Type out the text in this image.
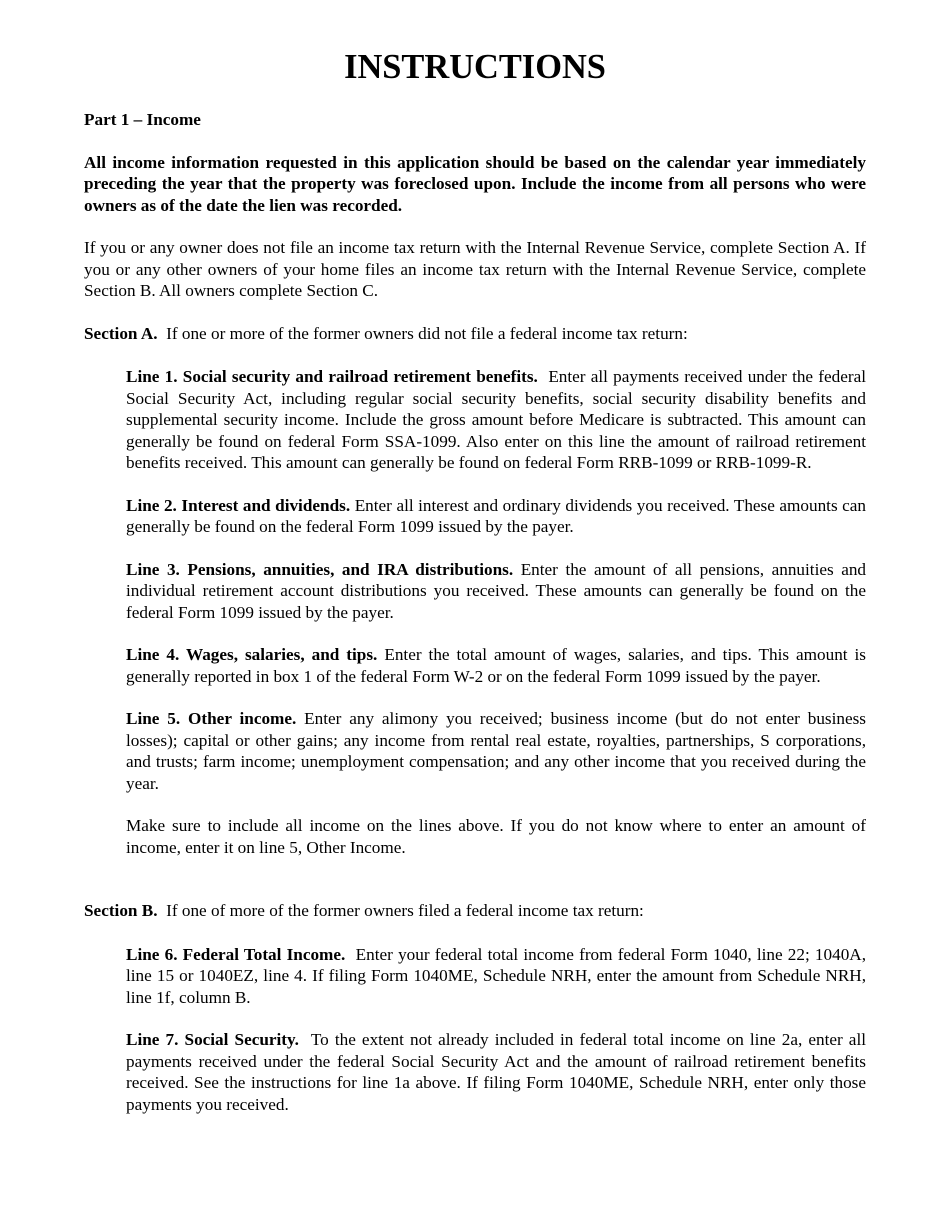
INSTRUCTIONS
Part 1 – Income

All income information requested in this application should be based on the calendar year immediately preceding the year that the property was foreclosed upon. Include the income from all persons who were owners as of the date the lien was recorded.

If you or any owner does not file an income tax return with the Internal Revenue Service, complete Section A. If you or any other owners of your home files an income tax return with the Internal Revenue Service, complete Section B. All owners complete Section C.

Section A. If one or more of the former owners did not file a federal income tax return:

Line 1. Social security and railroad retirement benefits. Enter all payments received under the federal Social Security Act, including regular social security benefits, social security disability benefits and supplemental security income. Include the gross amount before Medicare is subtracted. This amount can generally be found on federal Form SSA-1099. Also enter on this line the amount of railroad retirement benefits received. This amount can generally be found on federal Form RRB-1099 or RRB-1099-R.

Line 2. Interest and dividends. Enter all interest and ordinary dividends you received. These amounts can generally be found on the federal Form 1099 issued by the payer.

Line 3. Pensions, annuities, and IRA distributions. Enter the amount of all pensions, annuities and individual retirement account distributions you received. These amounts can generally be found on the federal Form 1099 issued by the payer.

Line 4. Wages, salaries, and tips. Enter the total amount of wages, salaries, and tips. This amount is generally reported in box 1 of the federal Form W-2 or on the federal Form 1099 issued by the payer.

Line 5. Other income. Enter any alimony you received; business income (but do not enter business losses); capital or other gains; any income from rental real estate, royalties, partnerships, S corporations, and trusts; farm income; unemployment compensation; and any other income that you received during the year.

Make sure to include all income on the lines above. If you do not know where to enter an amount of income, enter it on line 5, Other Income.

Section B. If one of more of the former owners filed a federal income tax return:

Line 6. Federal Total Income. Enter your federal total income from federal Form 1040, line 22; 1040A, line 15 or 1040EZ, line 4. If filing Form 1040ME, Schedule NRH, enter the amount from Schedule NRH, line 1f, column B.

Line 7. Social Security. To the extent not already included in federal total income on line 2a, enter all payments received under the federal Social Security Act and the amount of railroad retirement benefits received. See the instructions for line 1a above. If filing Form 1040ME, Schedule NRH, enter only those payments you received.
